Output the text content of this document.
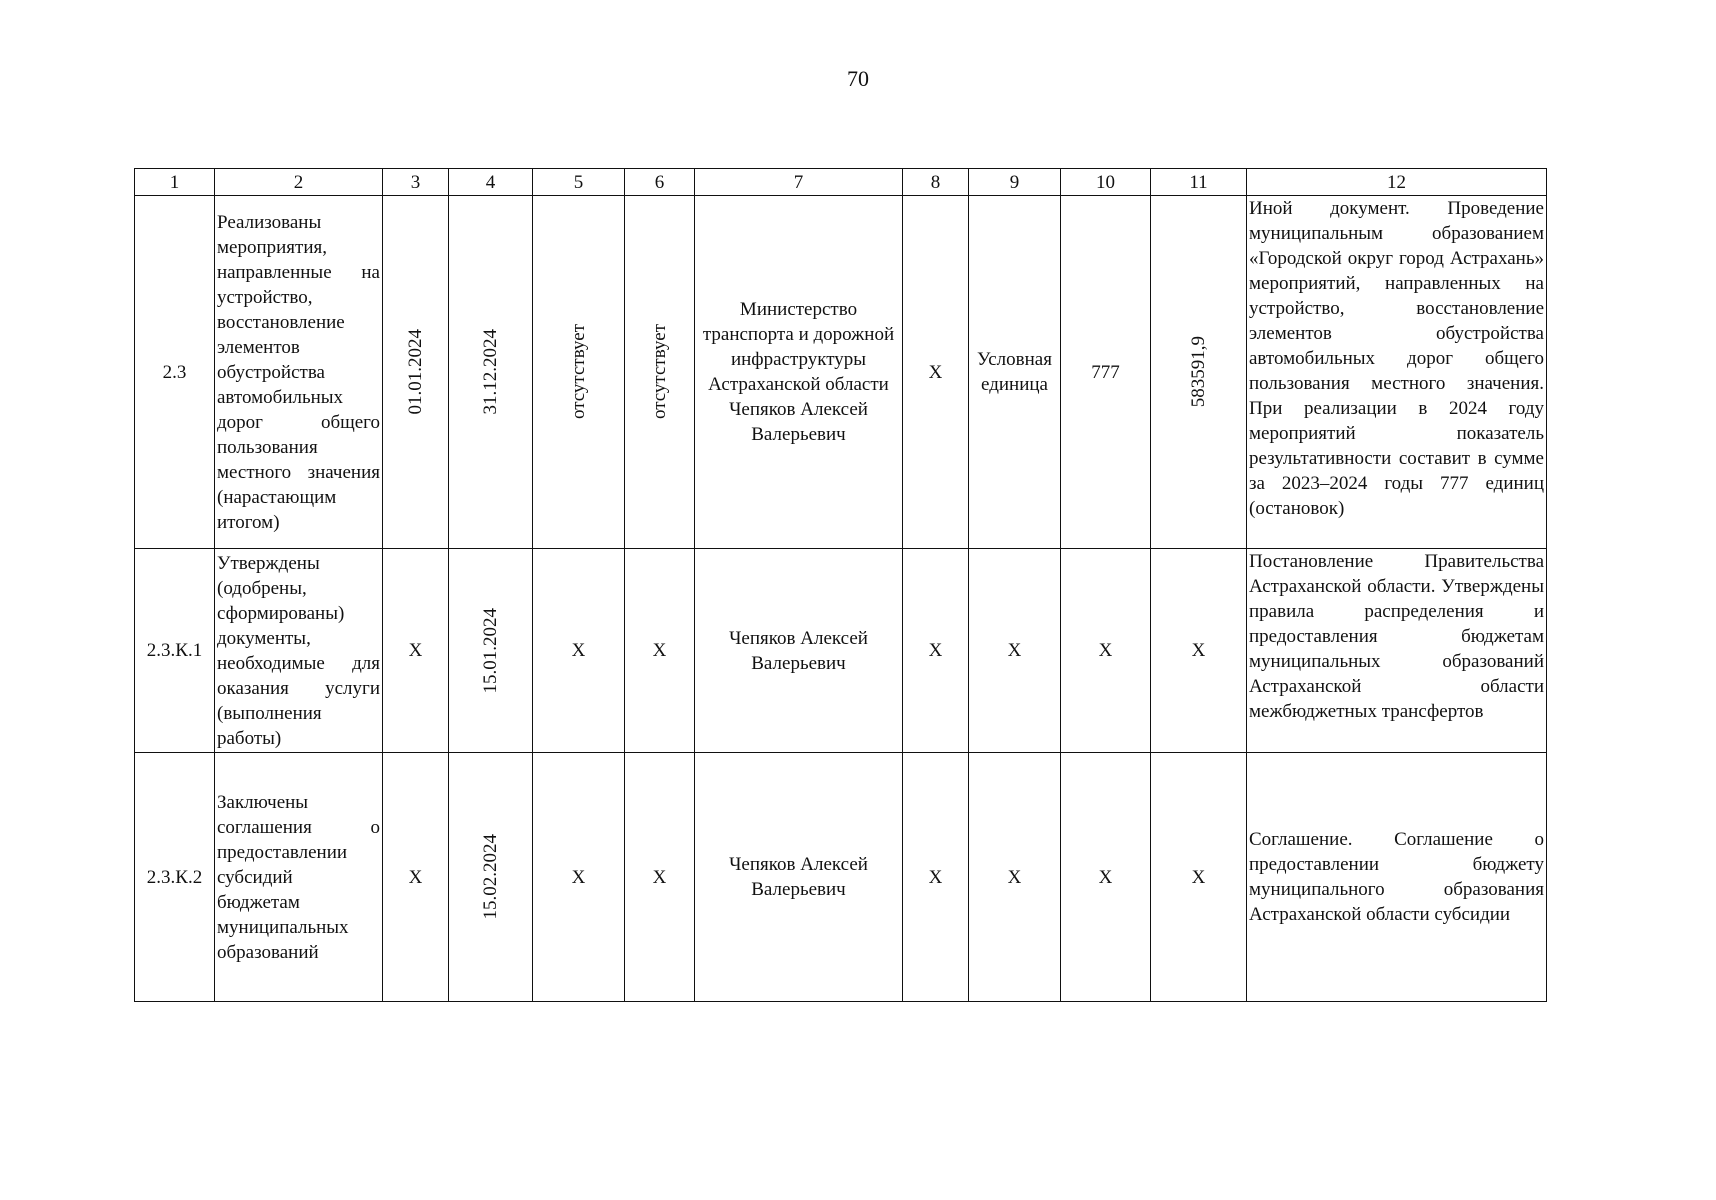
70
1	2	3	4	5	6	7	8	9	10	11	12
2.3	Реализованы мероприятия, направленные на устройство, восстановление элементов обустройства автомобильных дорог общего пользования местного значения (нарастающим итогом)	01.01.2024	31.12.2024	отсутствует	отсутствует	Министерство транспорта и дорожной инфраструктуры Астраханской области Чепяков Алексей Валерьевич	Х	Условная единица	777	583591,9	Иной документ. Проведение муниципальным образованием «Городской округ город Астрахань» мероприятий, направленных на устройство, восстановление элементов обустройства автомобильных дорог общего пользования местного значения. При реализации в 2024 году мероприятий показатель результативности составит в сумме за 2023–2024 годы 777 единиц (остановок)
2.3.К.1	Утверждены (одобрены, сформированы) документы, необходимые для оказания услуги (выполнения работы)	Х	15.01.2024	Х	Х	Чепяков Алексей Валерьевич	Х	Х	Х	Х	Постановление Правительства Астраханской области. Утверждены правила распределения и предоставления бюджетам муниципальных образований Астраханской области межбюджетных трансфертов
2.3.К.2	Заключены соглашения о предоставлении субсидий бюджетам муниципальных образований	Х	15.02.2024	Х	Х	Чепяков Алексей Валерьевич	Х	Х	Х	Х	Соглашение. Соглашение о предоставлении бюджету муниципального образования Астраханской области субсидии
